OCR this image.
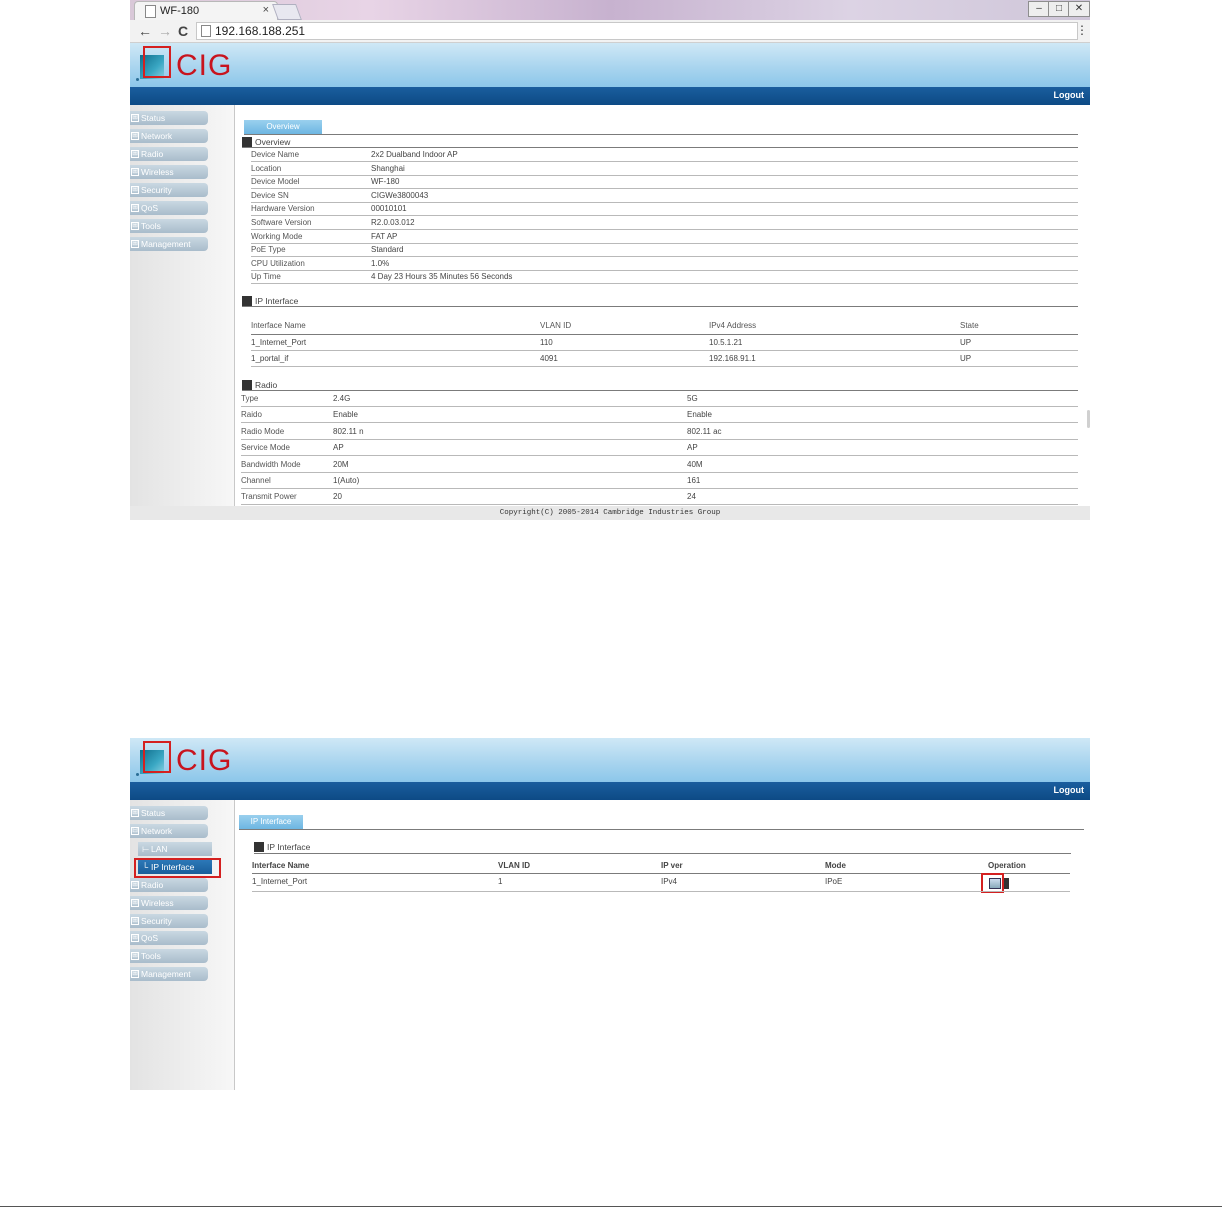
WF-180	×	–	□	✕
← → C 192.168.188.251	⋮
CIG
Logout
⊞ Status
⊞ Network
⊞ Radio
⊞ Wireless
⊞ Security
⊞ QoS
⊞ Tools
⊞ Management
Overview
Overview
Device Name	2x2 Dualband Indoor AP
Location	Shanghai
Device Model	WF-180
Device SN	CIGWe3800043
Hardware Version	00010101
Software Version	R2.0.03.012
Working Mode	FAT AP
PoE Type	Standard
CPU Utilization	1.0%
Up Time	4 Day 23 Hours 35 Minutes 56 Seconds
IP Interface
Interface Name	VLAN ID	IPv4 Address	State
1_Internet_Port	110	10.5.1.21	UP
1_portal_if	4091	192.168.91.1	UP
Radio
Type	2.4G	5G
Raido	Enable	Enable
Radio Mode	802.11 n	802.11 ac
Service Mode	AP	AP
Bandwidth Mode	20M	40M
Channel	1(Auto)	161
Transmit Power	20	24
Copyright(C) 2005-2014 Cambridge Industries Group
CIG
Logout
⊞ Status
⊟ Network
⊢ LAN
└ IP Interface
⊞ Radio
⊞ Wireless
⊞ Security
⊞ QoS
⊞ Tools
⊞ Management
IP Interface
IP Interface
Interface Name	VLAN ID	IP ver	Mode	Operation
1_Internet_Port	1	IPv4	IPoE
